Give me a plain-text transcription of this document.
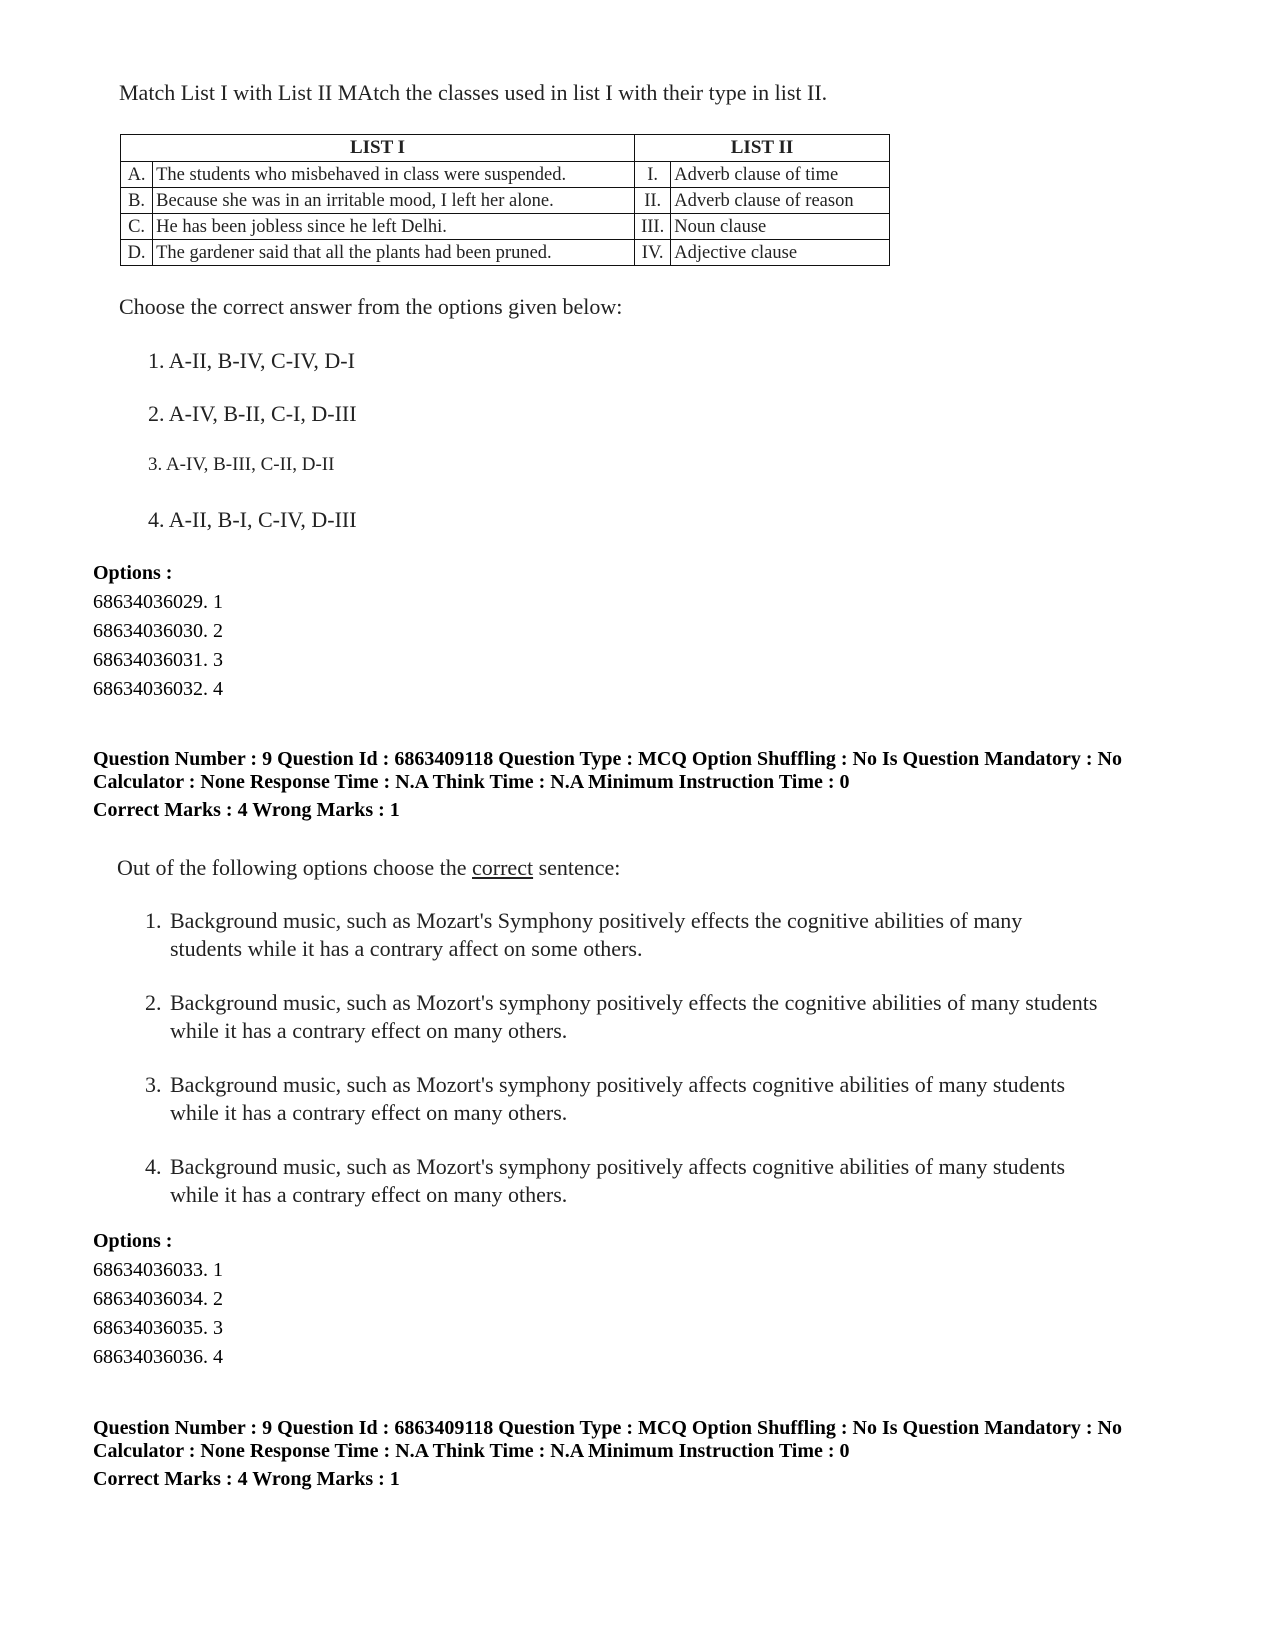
Match List I with List II MAtch the classes used in list I with their type in list II.
LIST I		LIST II	
A.	The students who misbehaved in class were suspended.	I.	Adverb clause of time
B.	Because she was in an irritable mood, I left her alone.	II.	Adverb clause of reason
C.	He has been jobless since he left Delhi.	III.	Noun clause
D.	The gardener said that all the plants had been pruned.	IV.	Adjective clause
Choose the correct answer from the options given below:
1. A-II, B-IV, C-IV, D-I
2. A-IV, B-II, C-I, D-III
3. A-IV, B-III, C-II, D-II
4. A-II, B-I, C-IV, D-III
Options :
68634036029. 1
68634036030. 2
68634036031. 3
68634036032. 4
Question Number : 9 Question Id : 6863409118 Question Type : MCQ Option Shuffling : No Is Question Mandatory : No
Calculator : None Response Time : N.A Think Time : N.A Minimum Instruction Time : 0
Correct Marks : 4 Wrong Marks : 1
Out of the following options choose the correct sentence:
1. Background music, such as Mozart's Symphony positively effects the cognitive abilities of many
students while it has a contrary affect on some others.
2. Background music, such as Mozort's symphony positively effects the cognitive abilities of many students
while it has a contrary effect on many others.
3. Background music, such as Mozort's symphony positively affects cognitive abilities of many students
while it has a contrary effect on many others.
4. Background music, such as Mozort's symphony positively affects cognitive abilities of many students
while it has a contrary effect on many others.
Options :
68634036033. 1
68634036034. 2
68634036035. 3
68634036036. 4
Question Number : 9 Question Id : 6863409118 Question Type : MCQ Option Shuffling : No Is Question Mandatory : No
Calculator : None Response Time : N.A Think Time : N.A Minimum Instruction Time : 0
Correct Marks : 4 Wrong Marks : 1
